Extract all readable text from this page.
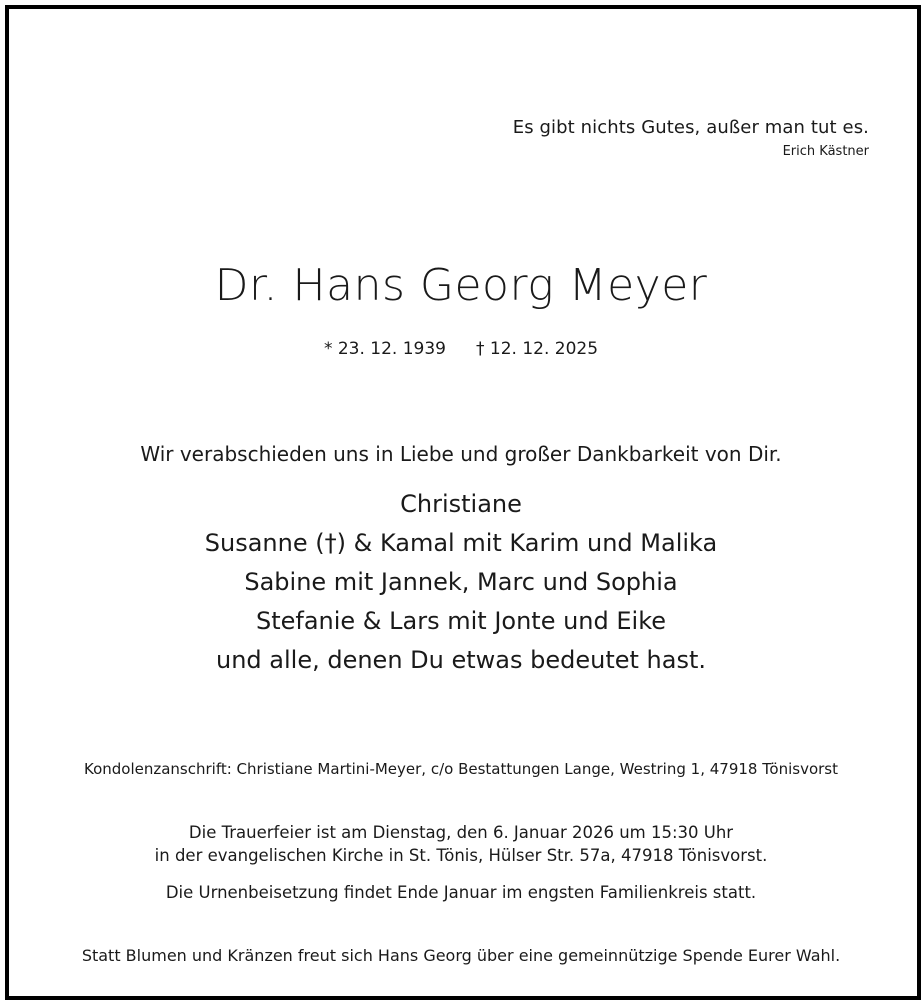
Es gibt nichts Gutes, außer man tut es.
Erich Kästner
Dr. Hans Georg Meyer
* 23. 12. 1939 † 12. 12. 2025
Wir verabschieden uns in Liebe und großer Dankbarkeit von Dir.
Christiane
Susanne (†) & Kamal mit Karim und Malika
Sabine mit Jannek, Marc und Sophia
Stefanie & Lars mit Jonte und Eike
und alle, denen Du etwas bedeutet hast.
Kondolenzanschrift: Christiane Martini-Meyer, c/o Bestattungen Lange, Westring 1, 47918 Tönisvorst
Die Trauerfeier ist am Dienstag, den 6. Januar 2026 um 15:30 Uhr
in der evangelischen Kirche in St. Tönis, Hülser Str. 57a, 47918 Tönisvorst.
Die Urnenbeisetzung findet Ende Januar im engsten Familienkreis statt.
Statt Blumen und Kränzen freut sich Hans Georg über eine gemeinnützige Spende Eurer Wahl.
